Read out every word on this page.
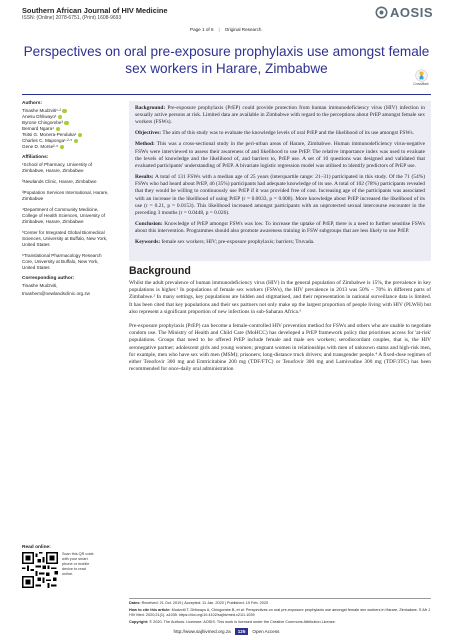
Southern African Journal of HIV Medicine
ISSN: (Online) 2078-6751, (Print) 1608-9693	AOSIS
Page 1 of 6 | Original Research
Perspectives on oral pre-exposure prophylaxis use amongst female sex workers in Harare, Zimbabwe
CrossMark
Authors:
Tinashe Mudzviti¹·²
Anesu Dhliwayo¹
Byrone Chingombe³
Bernard Ngara⁴
Tsitsi G. Monera-Penduka¹
Charles C. Maponga¹·²·⁵
Gene D. Morse²·⁶
Affiliations:
¹School of Pharmacy, University of Zimbabwe, Harare, Zimbabwe
²Newlands Clinic, Harare, Zimbabwe
³Population Services International, Harare, Zimbabwe
⁴Department of Community Medicine, College of Health Sciences, University of Zimbabwe, Harare, Zimbabwe
⁵Center for Integrated Global Biomedical Sciences, University at Buffalo, New York, United States
⁶Translational Pharmacology Research Core, University at Buffalo, New York, United States
Corresponding author:
Tinashe Mudzviti,
tmashem@newlandsclinic.org.zw
Read online:
Scan this QR code with your smart phone or mobile device to read online.

Background: Pre-exposure prophylaxis (PrEP) could provide protection from human immunodeficiency virus (HIV) infection in sexually active persons at risk. Limited data are available in Zimbabwe with regard to the perceptions about PrEP amongst female sex workers (FSWs).

Objectives: The aim of this study was to evaluate the knowledge levels of oral PrEP and the likelihood of its use amongst FSWs.

Method: This was a cross-sectional study in the peri-urban areas of Harare, Zimbabwe. Human immunodeficiency virus-negative FSWs were interviewed to assess their awareness of and likelihood to use PrEP. The relative importance index was used to evaluate the levels of knowledge and the likelihood of, and barriers to, PrEP use. A set of 10 questions was designed and validated that evaluated participants' understanding of PrEP. A bivariate logistic regression model was utilised to identify predictors of PrEP use.

Results: A total of 131 FSWs with a median age of 25 years (interquartile range: 21–31) participated in this study. Of the 71 (54%) FSWs who had heard about PrEP, 46 (35%) participants had adequate knowledge of its use. A total of 102 (78%) participants revealed that they would be willing to continuously use PrEP if it was provided free of cost. Increasing age of the participants was associated with an increase in the likelihood of using PrEP (r = 0.0033, p = 0.008). More knowledge about PrEP increased the likelihood of its use (r = 0.21, p = 0.0153). This likelihood increased amongst participants with an unprotected sexual intercourse encounter in the preceding 3 months (r = 0.0448, p = 0.026).

Conclusion: Knowledge of PrEP amongst FSWs was low. To increase the uptake of PrEP, there is a need to further sensitise FSWs about this intervention. Programmes should also promote awareness training in FSW subgroups that are less likely to use PrEP.

Keywords: female sex workers; HIV; pre-exposure prophylaxis; barriers; Truvada.

Background

Whilst the adult prevalence of human immunodeficiency virus (HIV) in the general population of Zimbabwe is 15%, the prevalence in key populations is higher.¹ In populations of female sex workers (FSWs), the HIV prevalence in 2013 was 50% – 70% in different parts of Zimbabwe.² In many settings, key populations are hidden and stigmatised, and their representation in national surveillance data is limited. It has been cited that key populations and their sex partners not only make up the largest proportion of people living with HIV (PLWH) but also represent a significant proportion of new infections in sub-Saharan Africa.³

Pre-exposure prophylaxis (PrEP) can become a female-controlled HIV prevention method for FSWs and others who are unable to negotiate condom use. The Ministry of Health and Child Care (MoHCC) has developed a PrEP framework policy that prioritises access for 'at-risk' populations. Groups that need to be offered PrEP include female and male sex workers; serodiscordant couples, that is, the HIV seronegative partner; adolescent girls and young women; pregnant women in relationships with men of unknown status and high-risk men, for example, men who have sex with men (MSM); prisoners; long-distance truck drivers; and transgender people.⁴ A fixed-dose regimen of either Tenofovir 300 mg and Emtricitabine 200 mg (TDF/FTC) or Tenofovir 300 mg and Lamivudine 300 mg (TDF/3TC) has been recommended for once-daily oral administration

Dates: Received: 21 Oct. 2019 | Accepted: 11 Jan. 2020 | Published: 19 Feb. 2020

How to cite this article: Mudzviti T, Dhliwayo A, Chingombe B, et al. Perspectives on oral pre-exposure prophylaxis use amongst female sex workers in Harare, Zimbabwe. S Afr J HIV Med. 2020;21(1), a1039. https://doi.org/10.4102/sajhivmed.v21i1.1039

Copyright: © 2020. The Authors. Licensee: AOSIS. This work is licensed under the Creative Commons Attribution License.

http://www.sajhivmed.org.za	125	Open Access
